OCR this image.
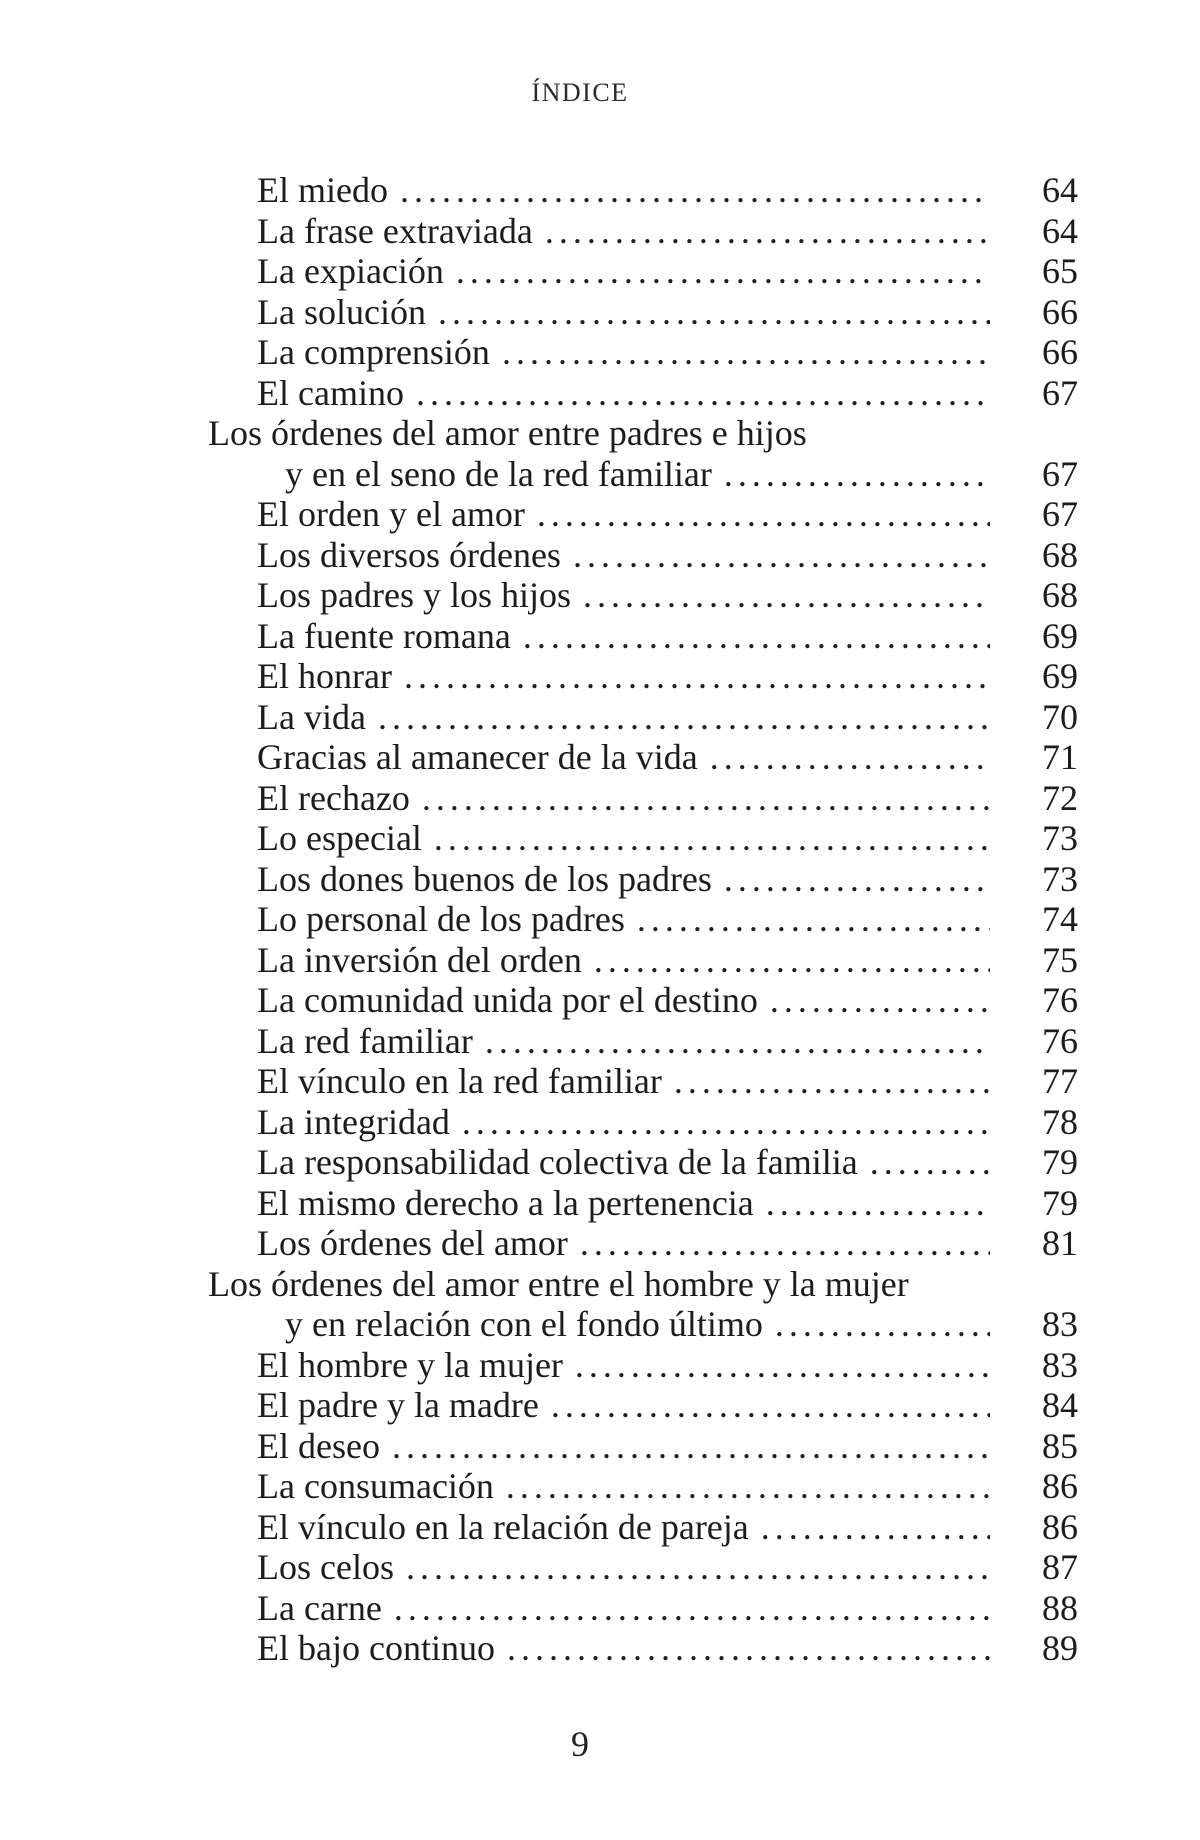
ÍNDICE
El miedo . . .	64
La frase extraviada . . .	64
La expiación . . .	65
La solución . . .	66
La comprensión . . .	66
El camino . . .	67
Los órdenes del amor entre padres e hijos
y en el seno de la red familiar . . .	67
El orden y el amor . . .	67
Los diversos órdenes . . .	68
Los padres y los hijos . . .	68
La fuente romana . . .	69
El honrar . . .	69
La vida . . .	70
Gracias al amanecer de la vida . . .	71
El rechazo . . .	72
Lo especial . . .	73
Los dones buenos de los padres . . .	73
Lo personal de los padres . . .	74
La inversión del orden . . .	75
La comunidad unida por el destino . . .	76
La red familiar . . .	76
El vínculo en la red familiar . . .	77
La integridad . . .	78
La responsabilidad colectiva de la familia . . .	79
El mismo derecho a la pertenencia . . .	79
Los órdenes del amor . . .	81
Los órdenes del amor entre el hombre y la mujer
y en relación con el fondo último . . .	83
El hombre y la mujer . . .	83
El padre y la madre . . .	84
El deseo . . .	85
La consumación . . .	86
El vínculo en la relación de pareja . . .	86
Los celos . . .	87
La carne . . .	88
El bajo continuo . . .	89
9
